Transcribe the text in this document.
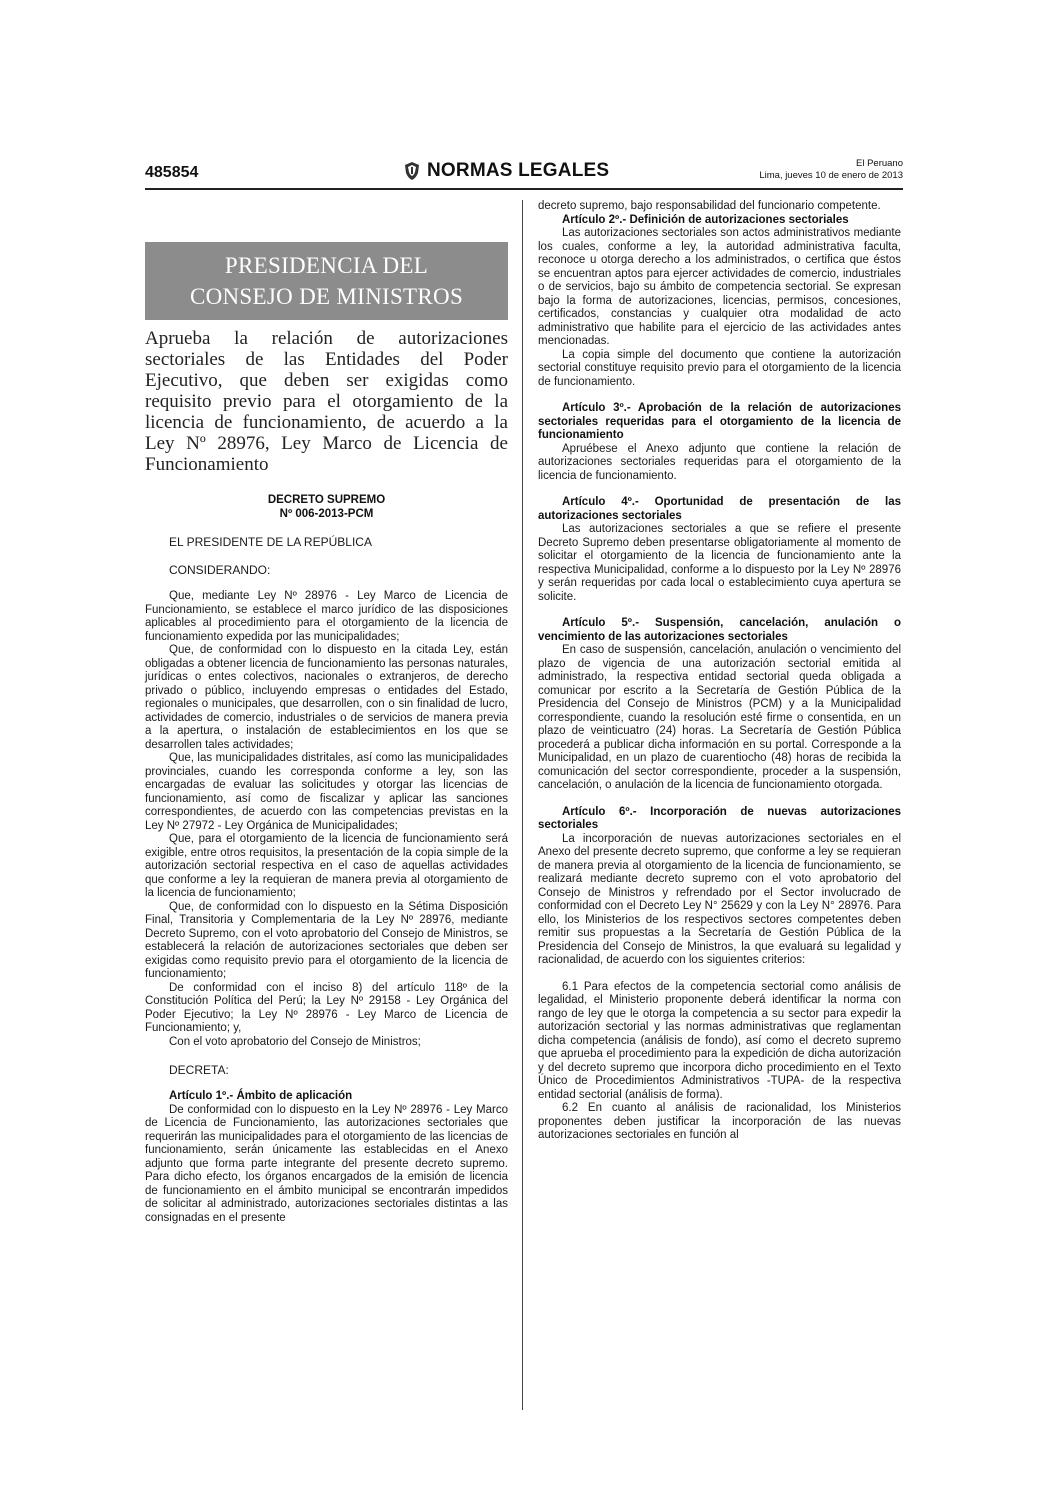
485854	NORMAS LEGALES	El Peruano
Lima, jueves 10 de enero de 2013
PRESIDENCIA DEL
CONSEJO DE MINISTROS

Aprueba la relación de autorizaciones sectoriales de las Entidades del Poder Ejecutivo, que deben ser exigidas como requisito previo para el otorgamiento de la licencia de funcionamiento, de acuerdo a la Ley Nº 28976, Ley Marco de Licencia de Funcionamiento

DECRETO SUPREMO
Nº 006-2013-PCM

EL PRESIDENTE DE LA REPÚBLICA

CONSIDERANDO:

Que, mediante Ley Nº 28976 - Ley Marco de Licencia de Funcionamiento, se establece el marco jurídico de las disposiciones aplicables al procedimiento para el otorgamiento de la licencia de funcionamiento expedida por las municipalidades;

Que, de conformidad con lo dispuesto en la citada Ley, están obligadas a obtener licencia de funcionamiento las personas naturales, jurídicas o entes colectivos, nacionales o extranjeros, de derecho privado o público, incluyendo empresas o entidades del Estado, regionales o municipales, que desarrollen, con o sin finalidad de lucro, actividades de comercio, industriales o de servicios de manera previa a la apertura, o instalación de establecimientos en los que se desarrollen tales actividades;

Que, las municipalidades distritales, así como las municipalidades provinciales, cuando les corresponda conforme a ley, son las encargadas de evaluar las solicitudes y otorgar las licencias de funcionamiento, así como de fiscalizar y aplicar las sanciones correspondientes, de acuerdo con las competencias previstas en la Ley Nº 27972 - Ley Orgánica de Municipalidades;

Que, para el otorgamiento de la licencia de funcionamiento será exigible, entre otros requisitos, la presentación de la copia simple de la autorización sectorial respectiva en el caso de aquellas actividades que conforme a ley la requieran de manera previa al otorgamiento de la licencia de funcionamiento;

Que, de conformidad con lo dispuesto en la Sétima Disposición Final, Transitoria y Complementaria de la Ley Nº 28976, mediante Decreto Supremo, con el voto aprobatorio del Consejo de Ministros, se establecerá la relación de autorizaciones sectoriales que deben ser exigidas como requisito previo para el otorgamiento de la licencia de funcionamiento;

De conformidad con el inciso 8) del artículo 118º de la Constitución Política del Perú; la Ley Nº 29158 - Ley Orgánica del Poder Ejecutivo; la Ley Nº 28976 - Ley Marco de Licencia de Funcionamiento; y,

Con el voto aprobatorio del Consejo de Ministros;

DECRETA:

Artículo 1º.- Ámbito de aplicación

De conformidad con lo dispuesto en la Ley Nº 28976 - Ley Marco de Licencia de Funcionamiento, las autorizaciones sectoriales que requerirán las municipalidades para el otorgamiento de las licencias de funcionamiento, serán únicamente las establecidas en el Anexo adjunto que forma parte integrante del presente decreto supremo. Para dicho efecto, los órganos encargados de la emisión de licencia de funcionamiento en el ámbito municipal se encontrarán impedidos de solicitar al administrado, autorizaciones sectoriales distintas a las consignadas en el presente

decreto supremo, bajo responsabilidad del funcionario competente.

Artículo 2º.- Definición de autorizaciones sectoriales

Las autorizaciones sectoriales son actos administrativos mediante los cuales, conforme a ley, la autoridad administrativa faculta, reconoce u otorga derecho a los administrados, o certifica que éstos se encuentran aptos para ejercer actividades de comercio, industriales o de servicios, bajo su ámbito de competencia sectorial. Se expresan bajo la forma de autorizaciones, licencias, permisos, concesiones, certificados, constancias y cualquier otra modalidad de acto administrativo que habilite para el ejercicio de las actividades antes mencionadas.

La copia simple del documento que contiene la autorización sectorial constituye requisito previo para el otorgamiento de la licencia de funcionamiento.

Artículo 3º.- Aprobación de la relación de autorizaciones sectoriales requeridas para el otorgamiento de la licencia de funcionamiento

Apruébese el Anexo adjunto que contiene la relación de autorizaciones sectoriales requeridas para el otorgamiento de la licencia de funcionamiento.

Artículo 4º.- Oportunidad de presentación de las autorizaciones sectoriales

Las autorizaciones sectoriales a que se refiere el presente Decreto Supremo deben presentarse obligatoriamente al momento de solicitar el otorgamiento de la licencia de funcionamiento ante la respectiva Municipalidad, conforme a lo dispuesto por la Ley Nº 28976 y serán requeridas por cada local o establecimiento cuya apertura se solicite.

Artículo 5º.- Suspensión, cancelación, anulación o vencimiento de las autorizaciones sectoriales

En caso de suspensión, cancelación, anulación o vencimiento del plazo de vigencia de una autorización sectorial emitida al administrado, la respectiva entidad sectorial queda obligada a comunicar por escrito a la Secretaría de Gestión Pública de la Presidencia del Consejo de Ministros (PCM) y a la Municipalidad correspondiente, cuando la resolución esté firme o consentida, en un plazo de veinticuatro (24) horas. La Secretaría de Gestión Pública procederá a publicar dicha información en su portal. Corresponde a la Municipalidad, en un plazo de cuarentiocho (48) horas de recibida la comunicación del sector correspondiente, proceder a la suspensión, cancelación, o anulación de la licencia de funcionamiento otorgada.

Artículo 6º.- Incorporación de nuevas autorizaciones sectoriales

La incorporación de nuevas autorizaciones sectoriales en el Anexo del presente decreto supremo, que conforme a ley se requieran de manera previa al otorgamiento de la licencia de funcionamiento, se realizará mediante decreto supremo con el voto aprobatorio del Consejo de Ministros y refrendado por el Sector involucrado de conformidad con el Decreto Ley N° 25629 y con la Ley N° 28976. Para ello, los Ministerios de los respectivos sectores competentes deben remitir sus propuestas a la Secretaría de Gestión Pública de la Presidencia del Consejo de Ministros, la que evaluará su legalidad y racionalidad, de acuerdo con los siguientes criterios:

6.1 Para efectos de la competencia sectorial como análisis de legalidad, el Ministerio proponente deberá identificar la norma con rango de ley que le otorga la competencia a su sector para expedir la autorización sectorial y las normas administrativas que reglamentan dicha competencia (análisis de fondo), así como el decreto supremo que aprueba el procedimiento para la expedición de dicha autorización y del decreto supremo que incorpora dicho procedimiento en el Texto Único de Procedimientos Administrativos -TUPA- de la respectiva entidad sectorial (análisis de forma).

6.2 En cuanto al análisis de racionalidad, los Ministerios proponentes deben justificar la incorporación de las nuevas autorizaciones sectoriales en función al
